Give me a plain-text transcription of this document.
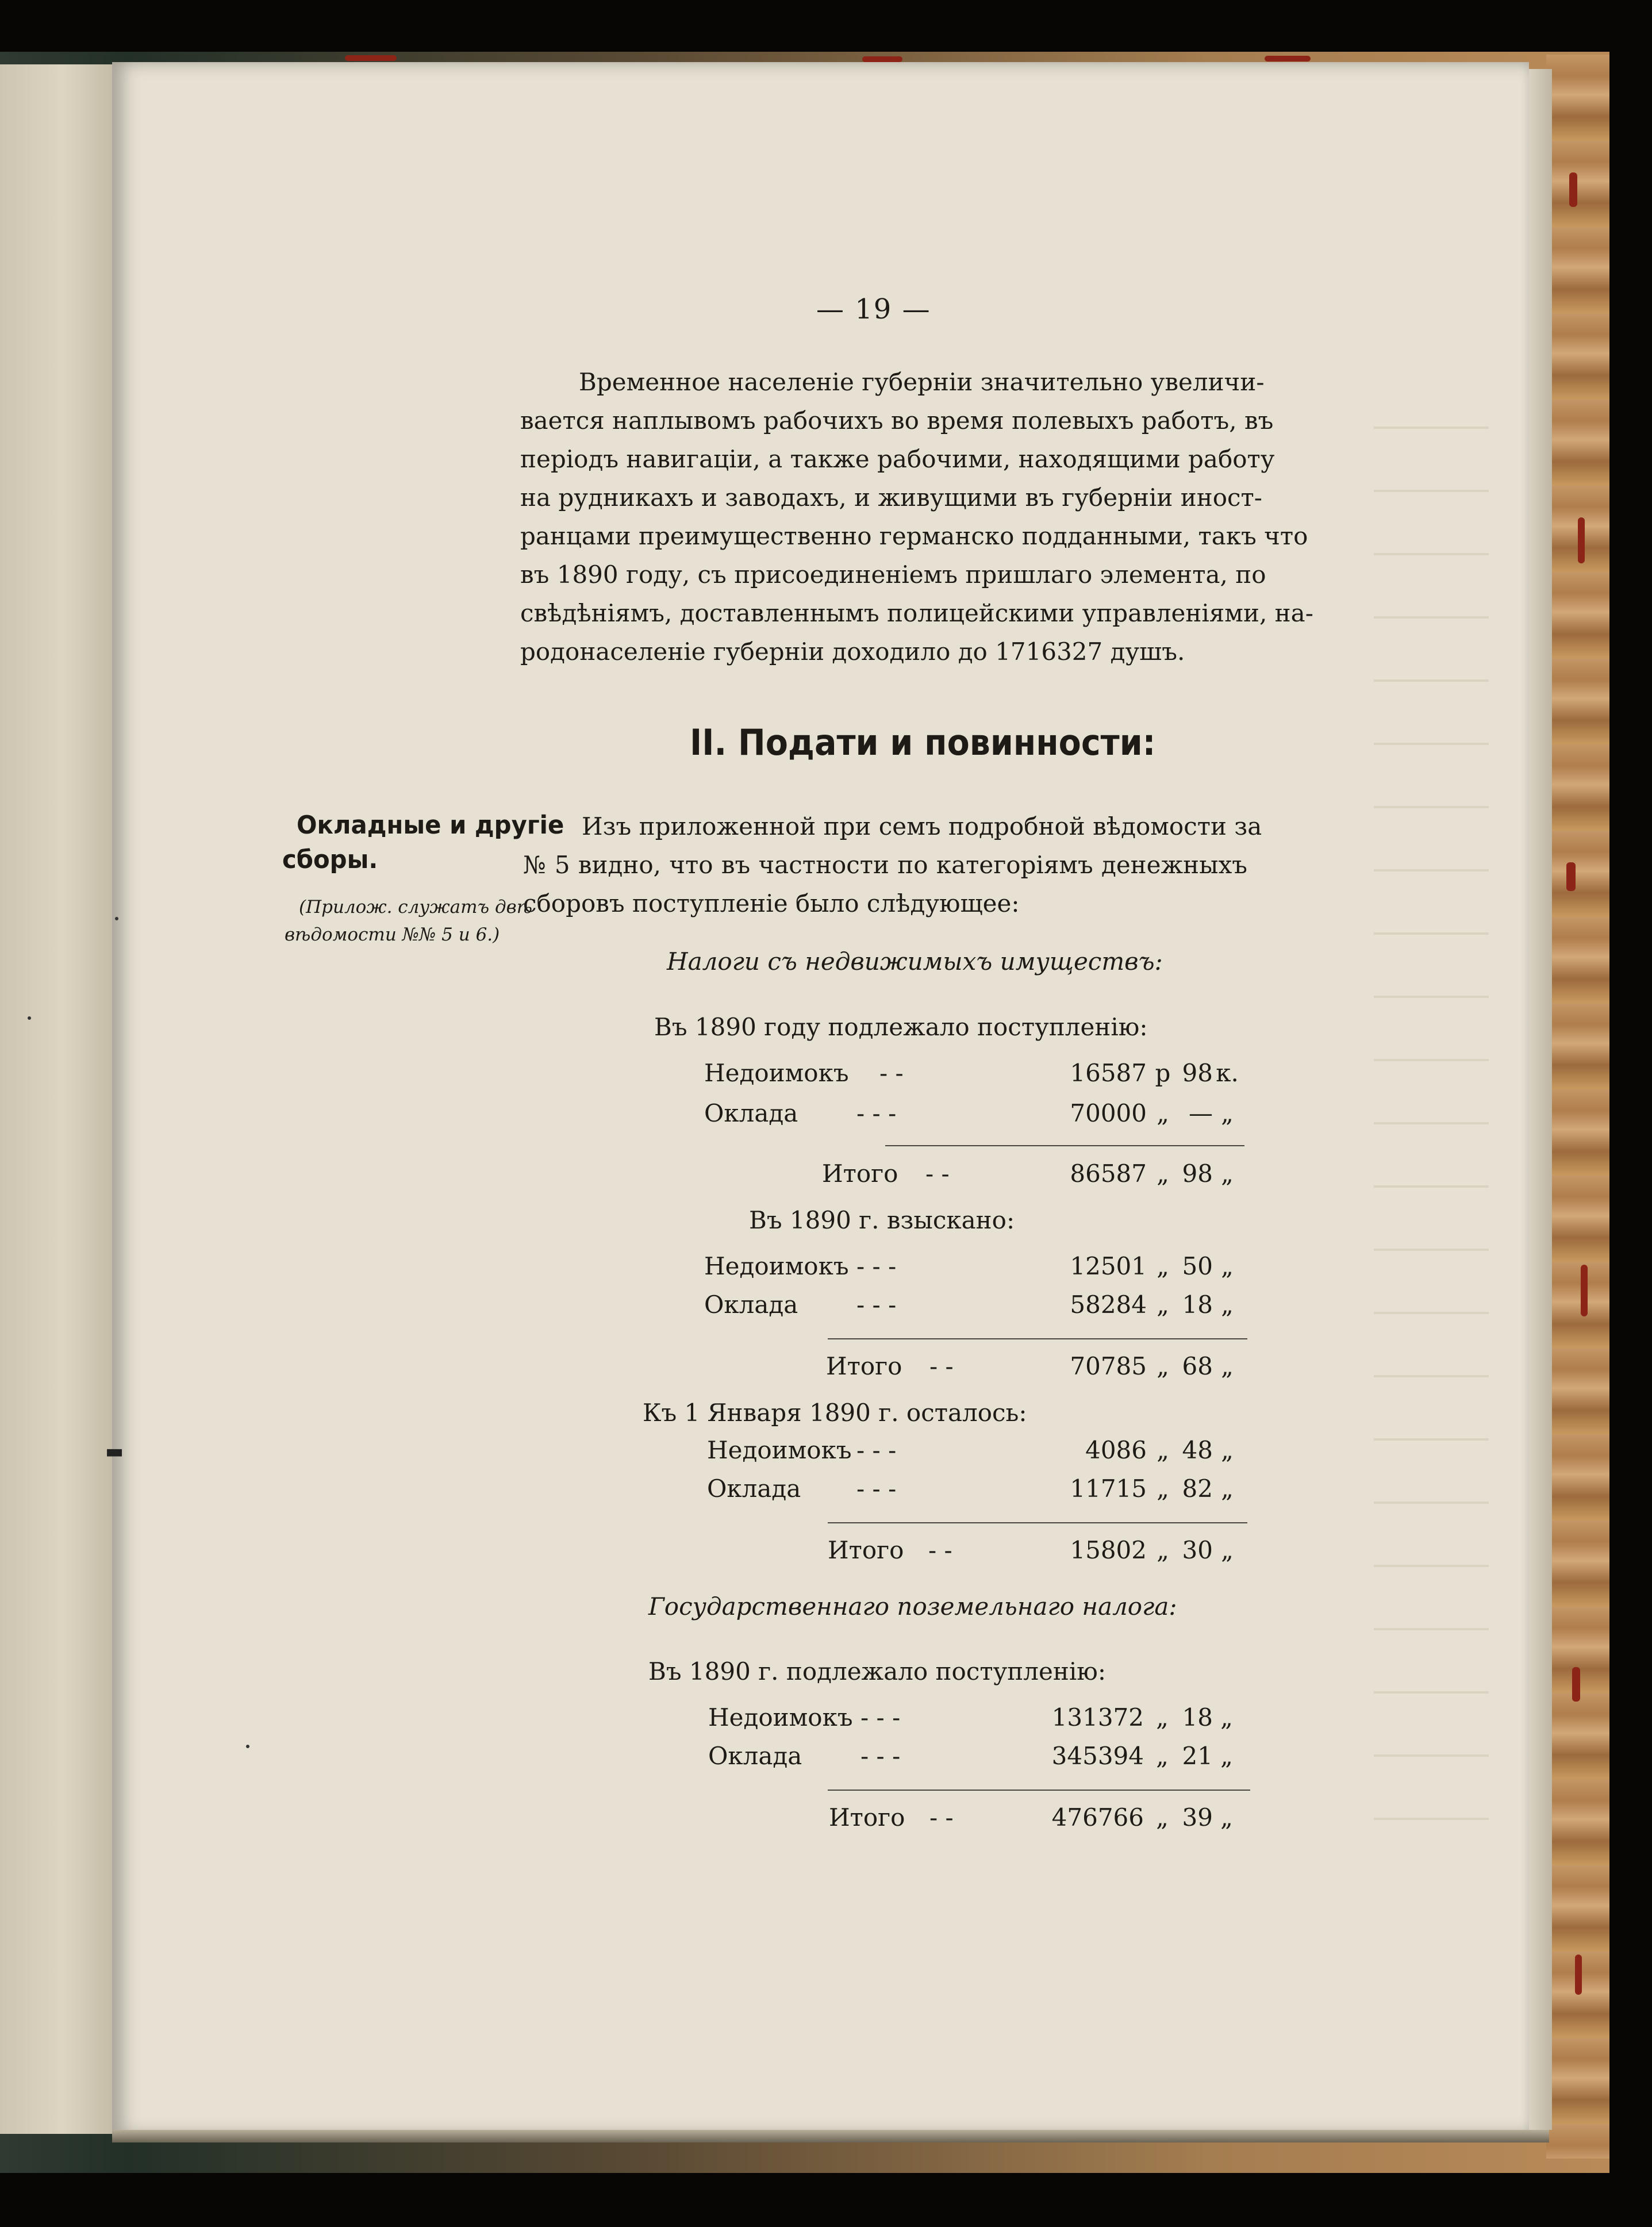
▬
— 19 —
Временное населеніе губерніи значительно увеличи-
вается наплывомъ рабочихъ во время полевыхъ работъ, въ
періодъ навигаціи, а также рабочими, находящими работу
на рудникахъ и заводахъ, и живущими въ губерніи иност-
ранцами преимущественно германско подданными, такъ что
въ 1890 году, съ присоединеніемъ пришлаго элемента, по
свѣдѣніямъ, доставленнымъ полицейскими управленіями, на-
родонаселеніе губерніи доходило до 1716327 душъ.
II. Подати и повинности:
Окладные и другіе
сборы.
(Прилож. служатъ двѣ
вѣдомости №№ 5 и 6.)
Изъ приложенной при семъ подробной вѣдомости за
№ 5 видно, что въ частности по категоріямъ денежныхъ
сборовъ поступленіе было слѣдующее:
Налоги съ недвижимыхъ имуществъ:
Въ 1890 году подлежало поступленію:
Недоимокъ - -	16587 р 98 к.
Оклада - - -	70000 „ — „
Итого - -	86587 „ 98 „
Въ 1890 г. взыскано:
Недоимокъ - - -	12501 „ 50 „
Оклада - - -	58284 „ 18 „
Итого - -	70785 „ 68 „
Къ 1 Января 1890 г. осталось:
Недоимокъ - - -	4086 „ 48 „
Оклада - - -	11715 „ 82 „
Итого - -	15802 „ 30 „
Государственнаго поземельнаго налога:
Въ 1890 г. подлежало поступленію:
Недоимокъ - - -	131372 „ 18 „
Оклада - - -	345394 „ 21 „
Итого - -	476766 „ 39 „
